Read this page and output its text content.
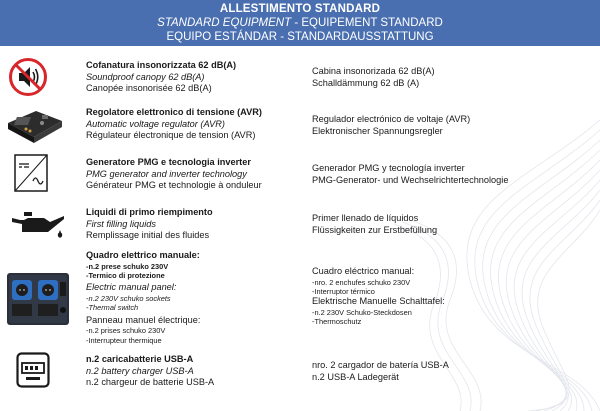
ALLESTIMENTO STANDARD
STANDARD EQUIPMENT - EQUIPEMENT STANDARD
EQUIPO ESTÁNDAR - STANDARDAUSSTATTUNG
Cofanatura insonorizzata 62 dB(A)
Soundproof canopy 62 dB(A)
Canopée insonorisée 62 dB(A)
Cabina insonorizada 62 dB(A)
Schalldämmung 62 dB (A)
Regolatore elettronico di tensione (AVR)
Automatic voltage regulator (AVR)
Régulateur électronique de tension (AVR)
Regulador electrónico de voltaje (AVR)
Elektronischer Spannungsregler
Generatore PMG e tecnologia inverter
PMG generator and inverter technology
Générateur PMG et technologie à onduleur
Generador PMG y tecnología inverter
PMG-Generator- und Wechselrichtertechnologie
Liquidi di primo riempimento
First filling liquids
Remplissage initial des fluides
Primer llenado de líquidos
Flüssigkeiten zur Erstbefüllung
Quadro elettrico manuale:
-n.2 prese schuko 230V
-Termico di protezione
Electric manual panel:
-n.2 230V schuko sockets
-Thermal switch
Panneau manuel électrique:
-n.2 prises schuko 230V
-Interrupteur thermique
Cuadro eléctrico manual:
-nro. 2 enchufes schuko 230V
-Interruptor térmico
Elektrische Manuelle Schalttafel:
-n.2 230V Schuko-Steckdosen
-Thermoschutz
n.2 caricabatterie USB-A
n.2 battery charger USB-A
n.2 chargeur de batterie USB-A
nro. 2 cargador de batería USB-A
n.2 USB-A Ladegerät
